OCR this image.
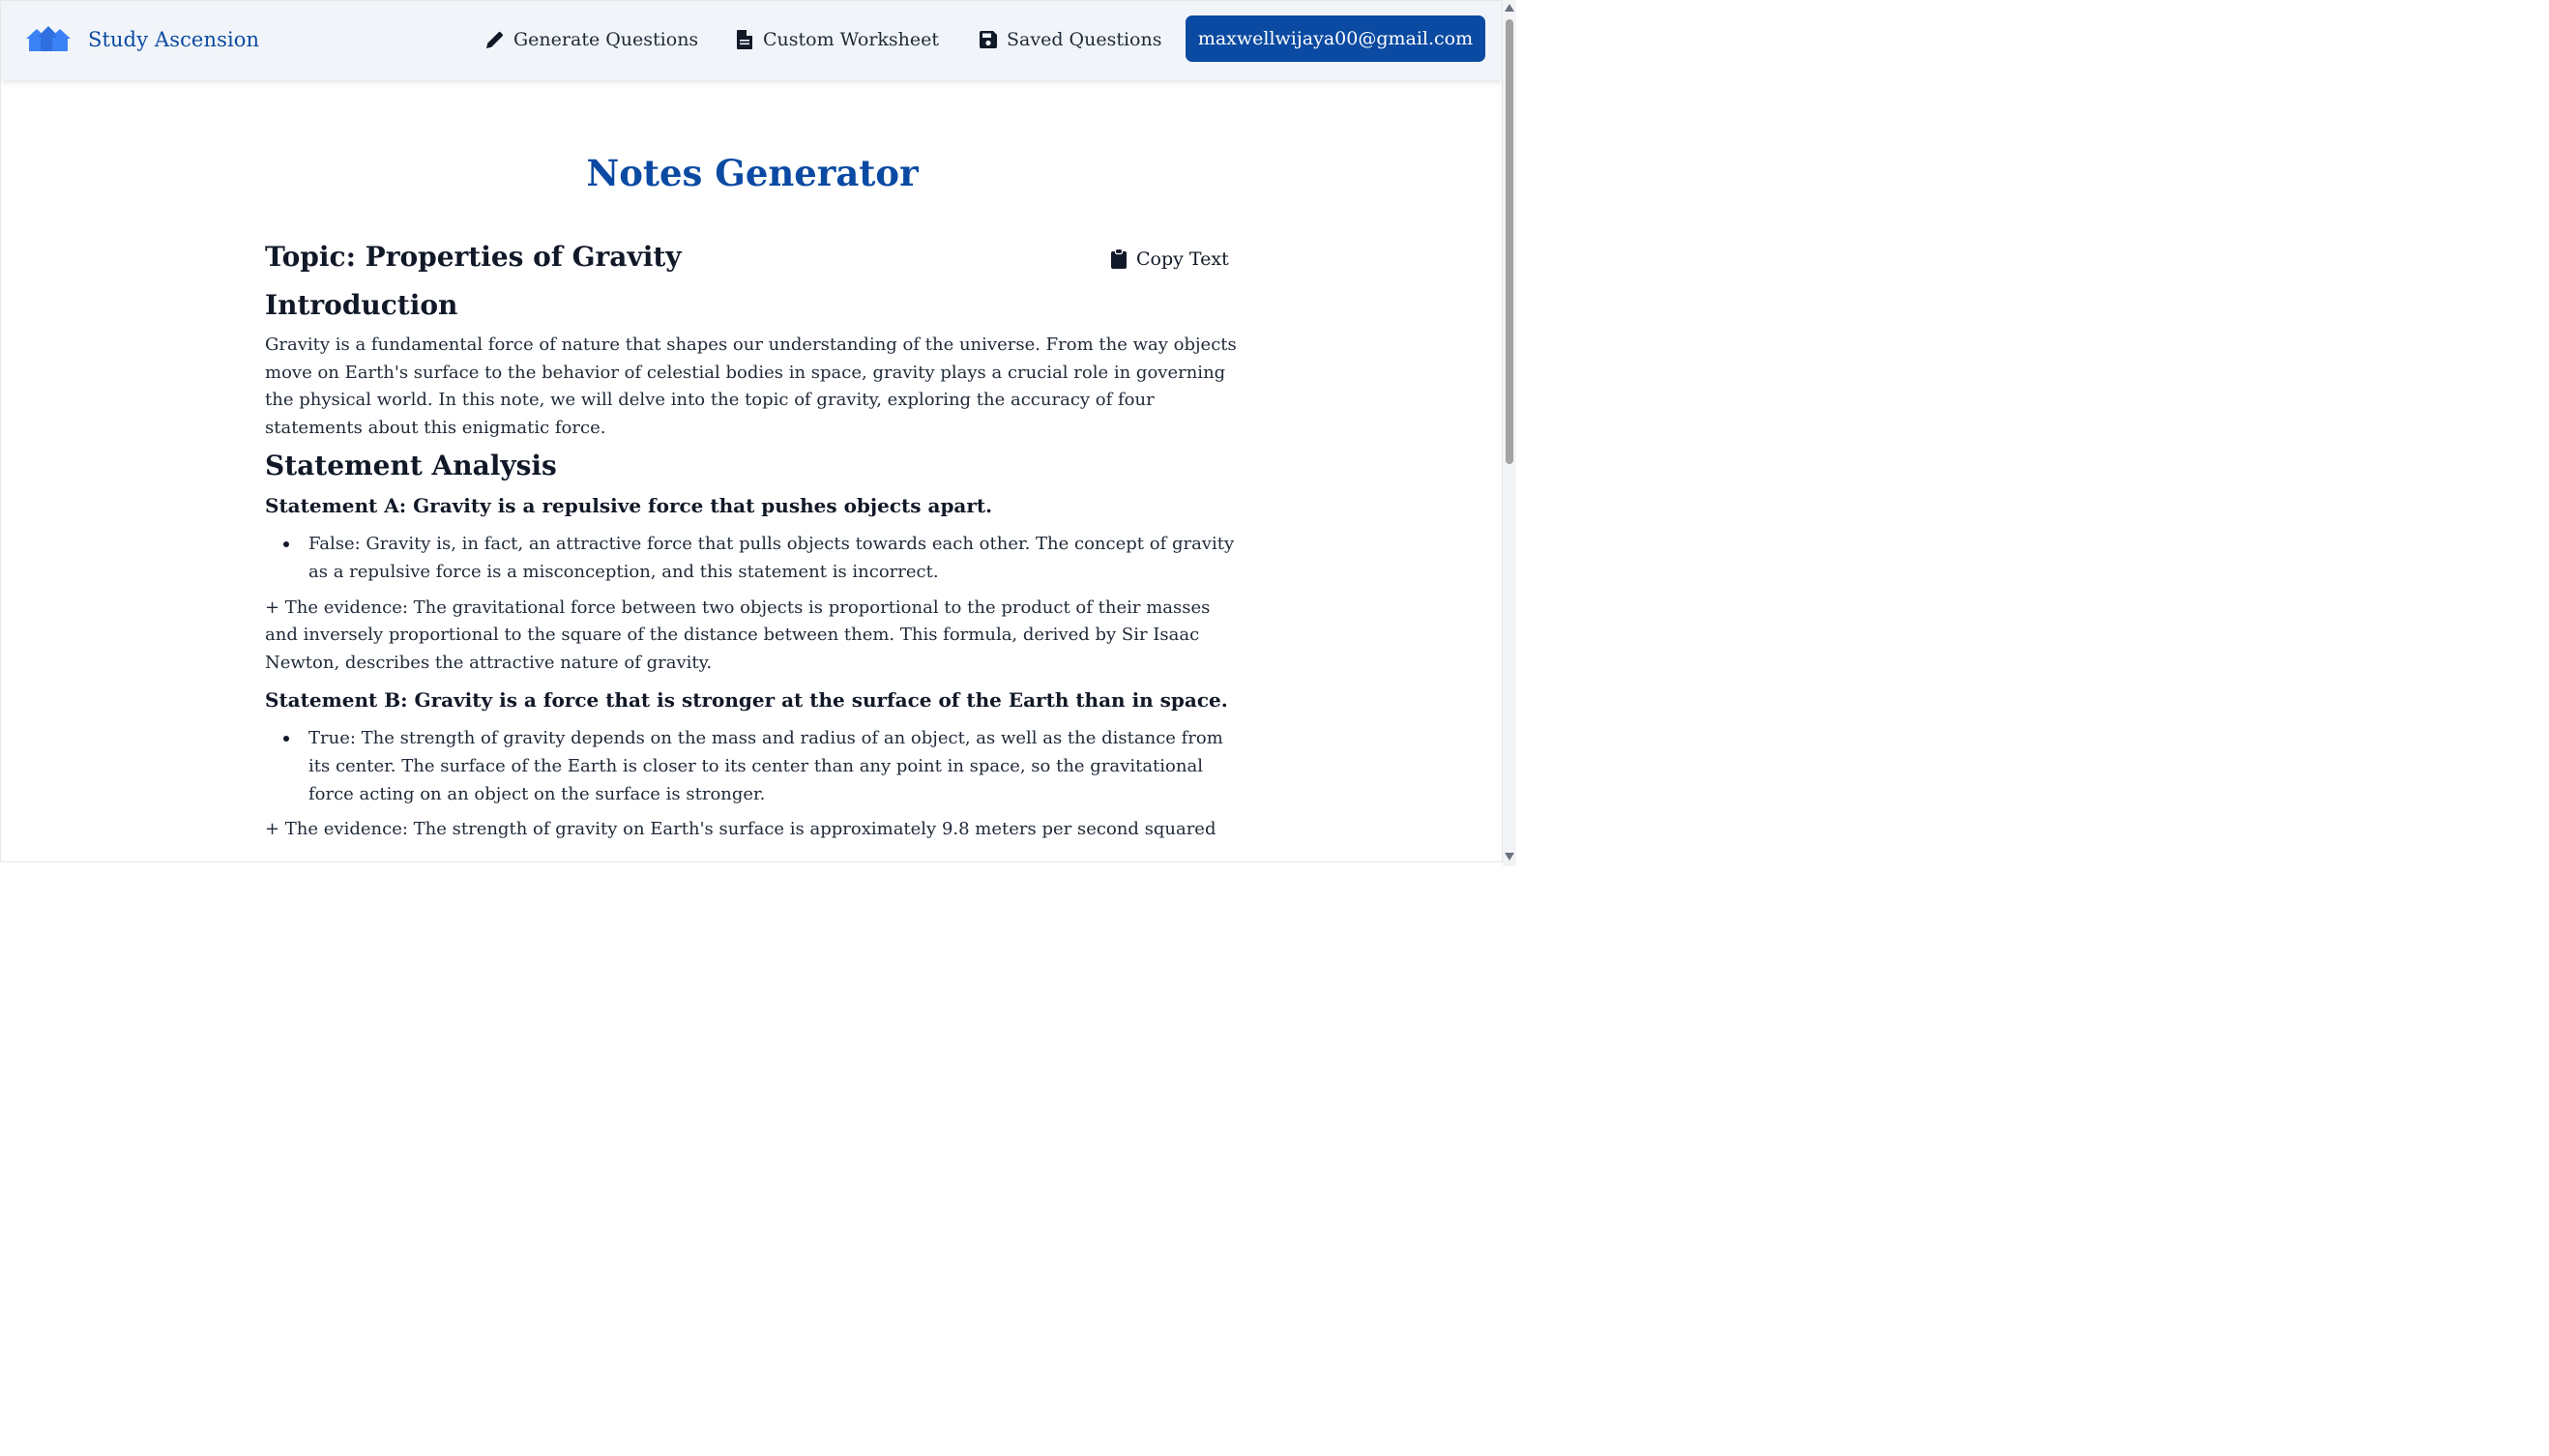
Study Ascension	Generate Questions	Custom Worksheet	Saved Questions	maxwellwijaya00@gmail.com
Notes Generator
Topic: Properties of Gravity	Copy Text
Introduction

Gravity is a fundamental force of nature that shapes our understanding of the universe. From the way objects move on Earth's surface to the behavior of celestial bodies in space, gravity plays a crucial role in governing the physical world. In this note, we will delve into the topic of gravity, exploring the accuracy of four statements about this enigmatic force.

Statement Analysis
Statement A: Gravity is a repulsive force that pushes objects apart.
False: Gravity is, in fact, an attractive force that pulls objects towards each other. The concept of gravity as a repulsive force is a misconception, and this statement is incorrect.

+ The evidence: The gravitational force between two objects is proportional to the product of their masses and inversely proportional to the square of the distance between them. This formula, derived by Sir Isaac Newton, describes the attractive nature of gravity.

Statement B: Gravity is a force that is stronger at the surface of the Earth than in space.
True: The strength of gravity depends on the mass and radius of an object, as well as the distance from its center. The surface of the Earth is closer to its center than any point in space, so the gravitational force acting on an object on the surface is stronger.

+ The evidence: The strength of gravity on Earth's surface is approximately 9.8 meters per second squared
